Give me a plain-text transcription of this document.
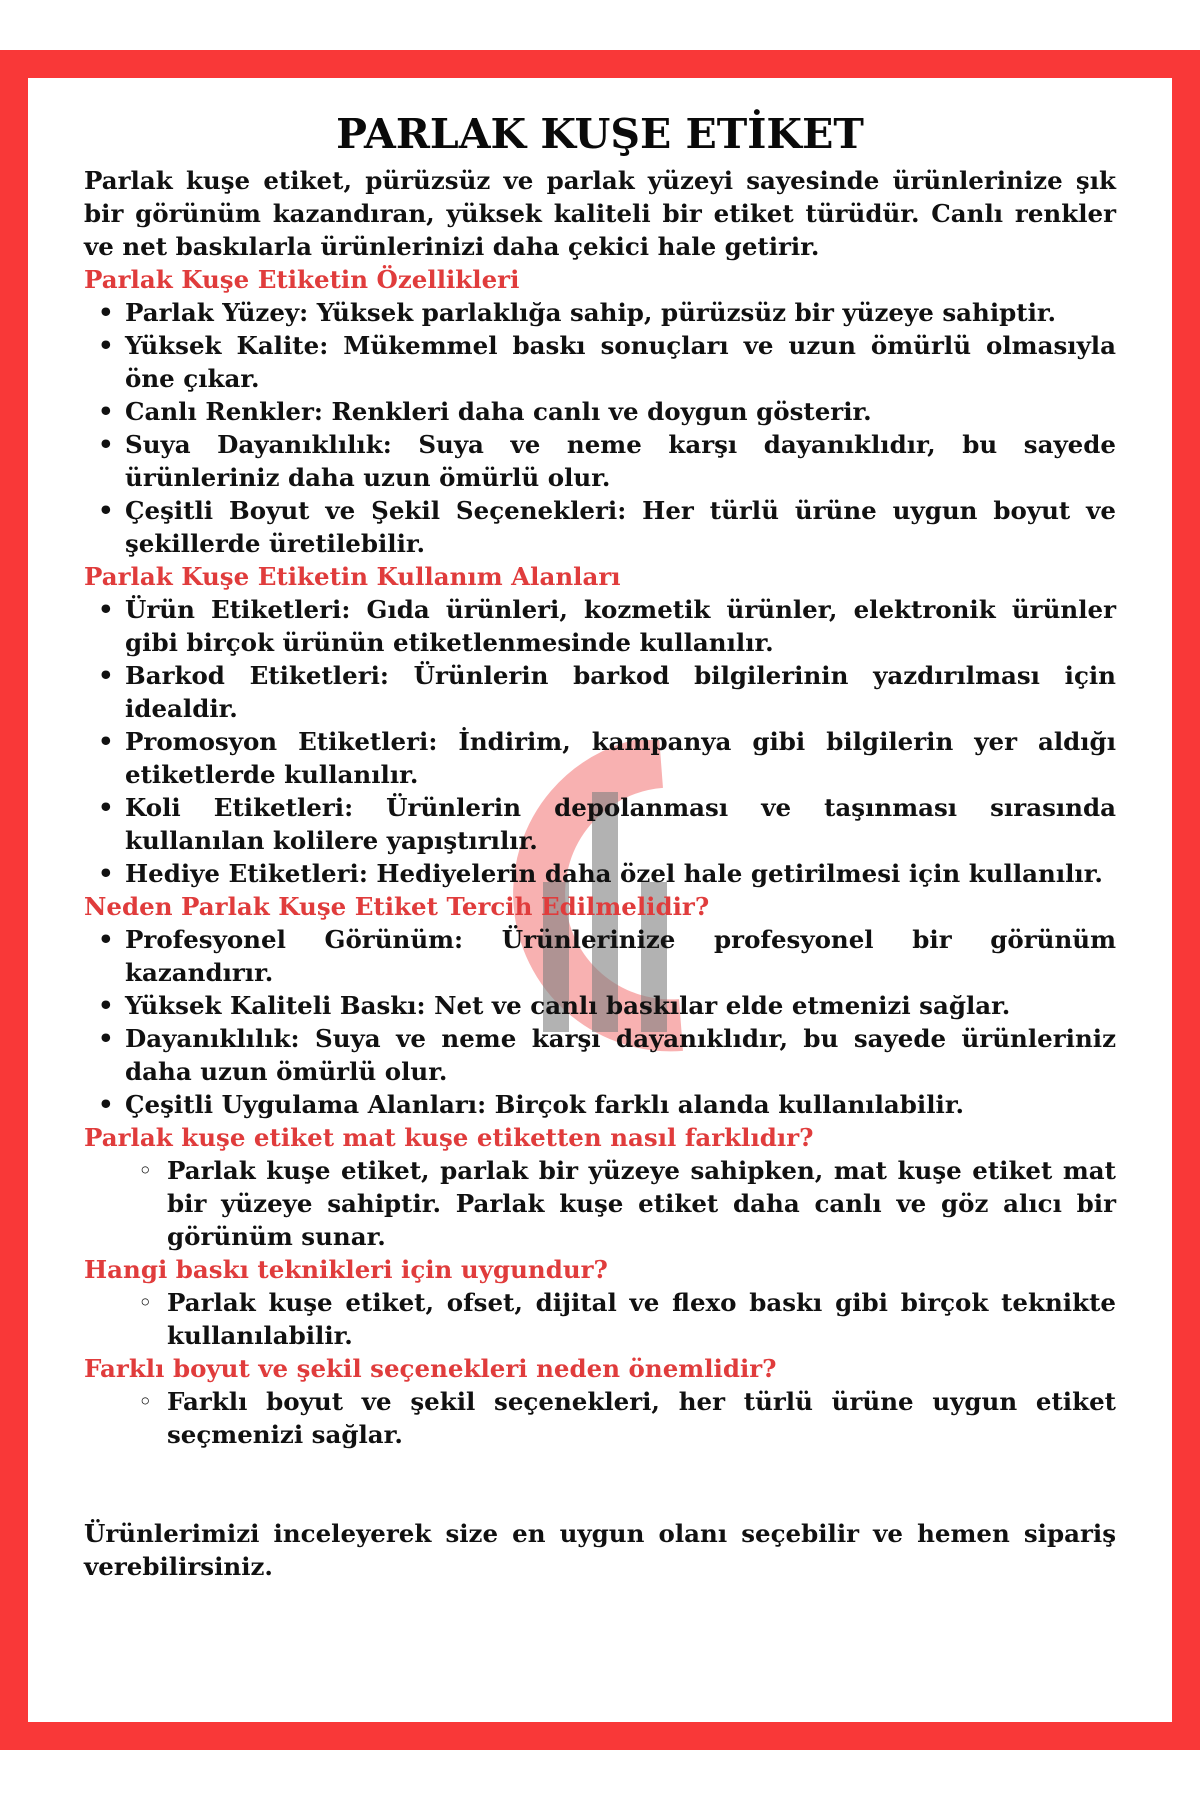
PARLAK KUŞE ETİKET

Parlak kuşe etiket, pürüzsüz ve parlak yüzeyi sayesinde ürünlerinize şık bir görünüm kazandıran, yüksek kaliteli bir etiket türüdür. Canlı renkler ve net baskılarla ürünlerinizi daha çekici hale getirir.

Parlak Kuşe Etiketin Özellikleri
• Parlak Yüzey: Yüksek parlaklığa sahip, pürüzsüz bir yüzeye sahiptir.
• Yüksek Kalite: Mükemmel baskı sonuçları ve uzun ömürlü olmasıyla öne çıkar.
• Canlı Renkler: Renkleri daha canlı ve doygun gösterir.
• Suya Dayanıklılık: Suya ve neme karşı dayanıklıdır, bu sayede ürünleriniz daha uzun ömürlü olur.
• Çeşitli Boyut ve Şekil Seçenekleri: Her türlü ürüne uygun boyut ve şekillerde üretilebilir.
Parlak Kuşe Etiketin Kullanım Alanları
• Ürün Etiketleri: Gıda ürünleri, kozmetik ürünler, elektronik ürünler gibi birçok ürünün etiketlenmesinde kullanılır.
• Barkod Etiketleri: Ürünlerin barkod bilgilerinin yazdırılması için idealdir.
• Promosyon Etiketleri: İndirim, kampanya gibi bilgilerin yer aldığı etiketlerde kullanılır.
• Koli Etiketleri: Ürünlerin depolanması ve taşınması sırasında kullanılan kolilere yapıştırılır.
• Hediye Etiketleri: Hediyelerin daha özel hale getirilmesi için kullanılır.
Neden Parlak Kuşe Etiket Tercih Edilmelidir?
• Profesyonel Görünüm: Ürünlerinize profesyonel bir görünüm kazandırır.
• Yüksek Kaliteli Baskı: Net ve canlı baskılar elde etmenizi sağlar.
• Dayanıklılık: Suya ve neme karşı dayanıklıdır, bu sayede ürünleriniz daha uzun ömürlü olur.
• Çeşitli Uygulama Alanları: Birçok farklı alanda kullanılabilir.
Parlak kuşe etiket mat kuşe etiketten nasıl farklıdır?
◦ Parlak kuşe etiket, parlak bir yüzeye sahipken, mat kuşe etiket mat bir yüzeye sahiptir. Parlak kuşe etiket daha canlı ve göz alıcı bir görünüm sunar.
Hangi baskı teknikleri için uygundur?
◦ Parlak kuşe etiket, ofset, dijital ve flexo baskı gibi birçok teknikte kullanılabilir.
Farklı boyut ve şekil seçenekleri neden önemlidir?
◦ Farklı boyut ve şekil seçenekleri, her türlü ürüne uygun etiket seçmenizi sağlar.

Ürünlerimizi inceleyerek size en uygun olanı seçebilir ve hemen sipariş verebilirsiniz.
